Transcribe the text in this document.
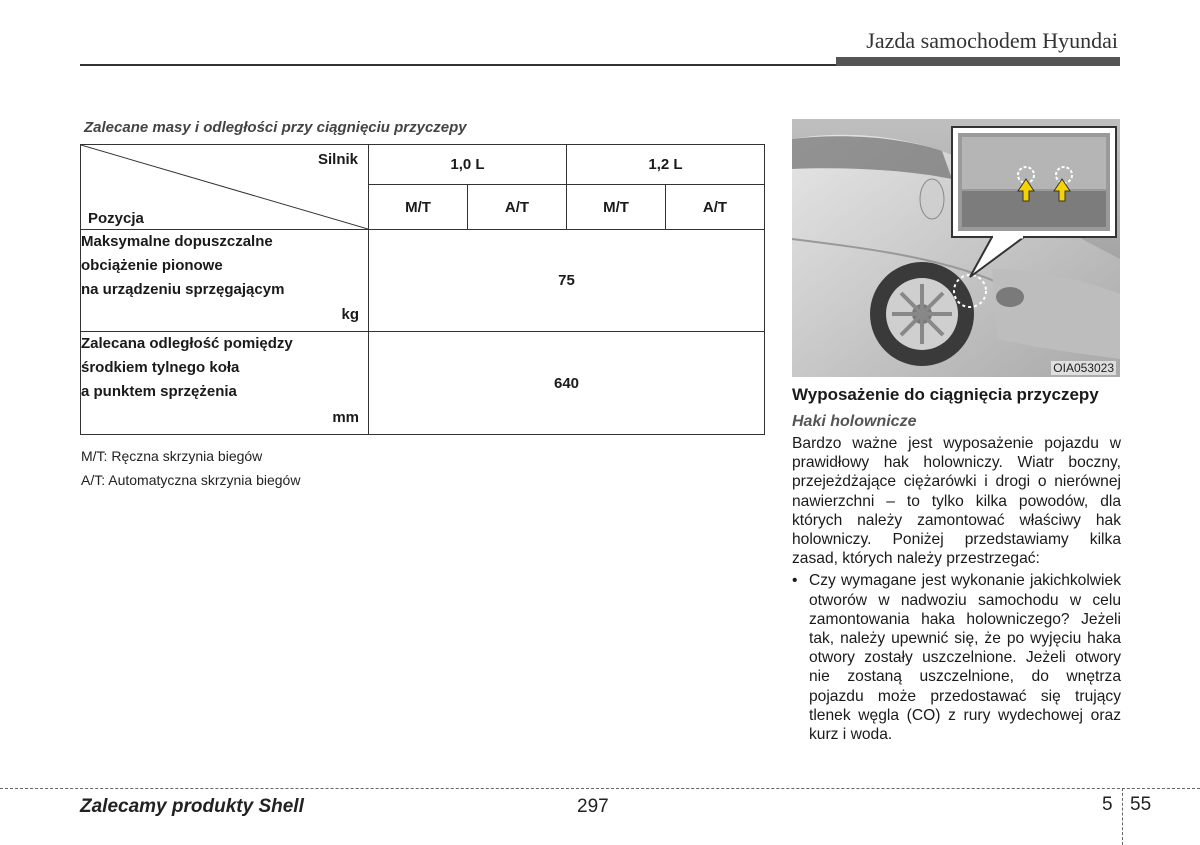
Jazda samochodem Hyundai
Zalecane masy i odległości przy ciągnięciu przyczepy
Silnik
Pozycja	1,0 L		1,2 L	
	M/T	A/T	M/T	A/T

Maksymalne dopuszczalne
obciążenie pionowe
na urządzeniu sprzęgającym
kg	75			

Zalecana odległość pomiędzy
środkiem tylnego koła
a punktem sprzężenia
mm	640			
M/T: Ręczna skrzynia biegów
A/T: Automatyczna skrzynia biegów
OIA053023
Wyposażenie do ciągnięcia przyczepy
Haki holownicze
Bardzo ważne jest wyposażenie pojazdu w prawidłowy hak holowniczy. Wiatr boczny, przejeżdżające ciężarówki i drogi o nierównej nawierzchni – to tylko kilka powodów, dla których należy zamontować właściwy hak holowniczy. Poniżej przedstawiamy kilka zasad, których należy przestrzegać:
• Czy wymagane jest wykonanie jakichkolwiek otworów w nadwoziu samochodu w celu zamontowania haka holowniczego? Jeżeli tak, należy upewnić się, że po wyjęciu haka otwory zostały uszczelnione. Jeżeli otwory nie zostaną uszczelnione, do wnętrza pojazdu może przedostawać się trujący tlenek węgla (CO) z rury wydechowej oraz kurz i woda.
Zalecamy produkty Shell	297	5 55
